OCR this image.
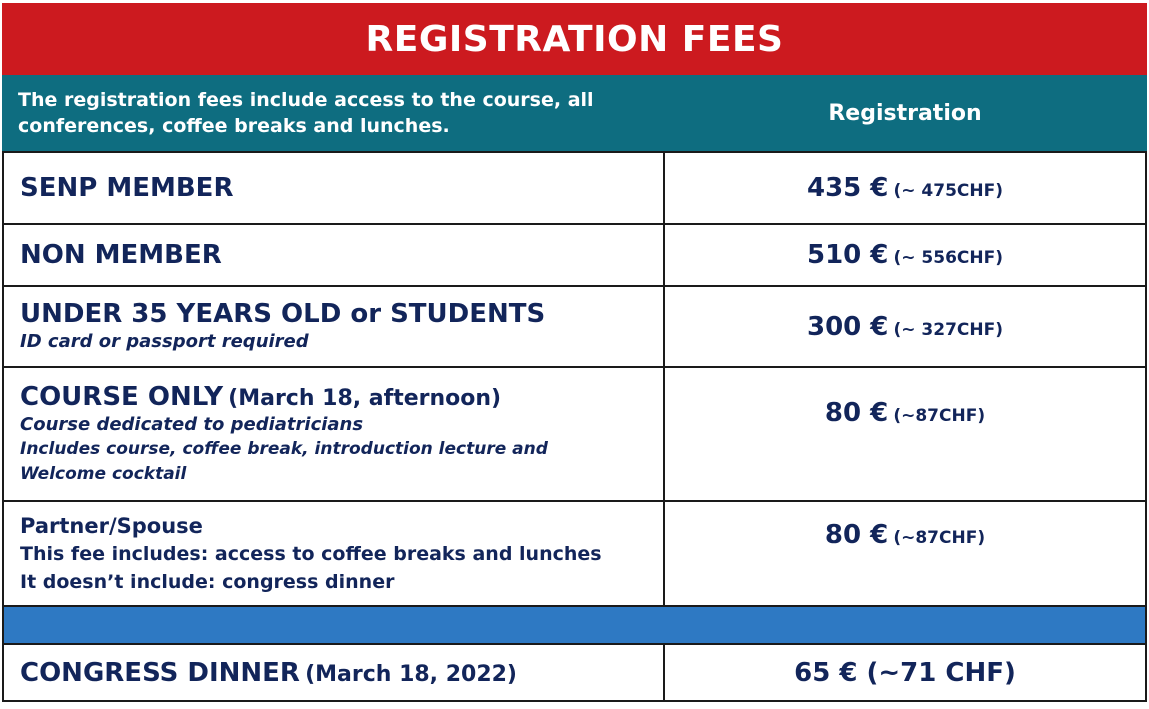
REGISTRATION FEES
The registration fees include access to the course, all conferences, coffee breaks and lunches.
Registration
SENP MEMBER	435 € (~ 475CHF)
NON MEMBER	510 € (~ 556CHF)
UNDER 35 YEARS OLD or STUDENTS
ID card or passport required	300 € (~ 327CHF)
COURSE ONLY (March 18, afternoon)
Course dedicated to pediatricians
Includes course, coffee break, introduction lecture and
Welcome cocktail	80 € (~87CHF)

Partner/Spouse
This fee includes: access to coffee breaks and lunches
It doesn’t include: congress dinner	80 € (~87CHF)

CONGRESS DINNER (March 18, 2022)	65 € (~71 CHF)
